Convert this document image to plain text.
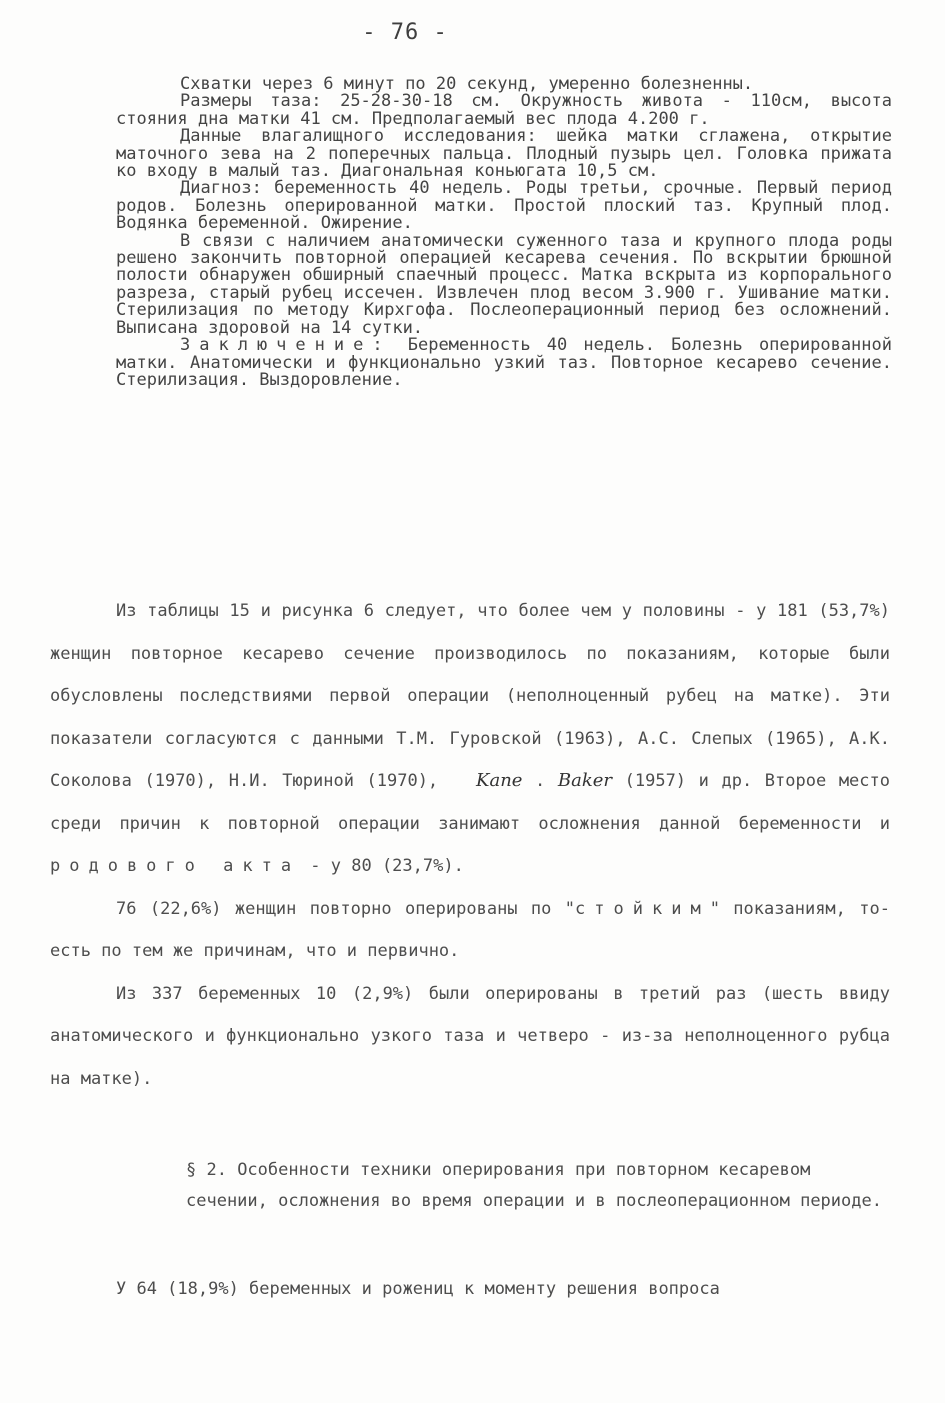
- 76 -

Схватки через 6 минут по 20 секунд, умеренно болезненны.

Размеры таза: 25-28-30-18 см. Окружность живота - 110см, высота стояния дна матки 41 см. Предполагаемый вес плода 4.200 г.

Данные влагалищного исследования: шейка матки сглажена, открытие маточного зева на 2 поперечных пальца. Плодный пузырь цел. Головка прижата ко входу в малый таз. Диагональная коньюгата 10,5 см.

Диагноз: беременность 40 недель. Роды третьи, срочные. Первый период родов. Болезнь оперированной матки. Простой плоский таз. Крупный плод. Водянка беременной. Ожирение.

В связи с наличием анатомически суженного таза и крупного плода роды решено закончить повторной операцией кесарева сечения. По вскрытии брюшной полости обнаружен обширный спаечный процесс. Матка вскрыта из корпорального разреза, старый рубец иссечен. Извлечен плод весом 3.900 г. Ушивание матки. Стерилизация по методу Кирхгофа. Послеоперационный период без осложнений. Выписана здоровой на 14 сутки.

Заключение: Беременность 40 недель. Болезнь оперированной матки. Анатомически и функционально узкий таз. Повторное кесарево сечение. Стерилизация. Выздоровление.

Из таблицы 15 и рисунка 6 следует, что более чем у половины - у 181 (53,7%) женщин повторное кесарево сечение производилось по показаниям, которые были обусловлены последствиями первой операции (неполноценный рубец на матке). Эти показатели согласуются с данными Т.М. Гуровской (1963), А.С. Слепых (1965), А.К. Соколова (1970), Н.И. Тюриной (1970), Kane . Baker (1957) и др. Второе место среди причин к повторной операции занимают осложнения данной беременности и родового акта - у 80 (23,7%).

76 (22,6%) женщин повторно оперированы по "стойким" показаниям, то-есть по тем же причинам, что и первично.

Из 337 беременных 10 (2,9%) были оперированы в третий раз (шесть ввиду анатомического и функционально узкого таза и четверо - из-за неполноценного рубца на матке).

§ 2. Особенности техники оперирования при повторном кесаревом сечении, осложнения во время операции и в послеоперационном периоде.

У 64 (18,9%) беременных и рожениц к моменту решения вопроса
